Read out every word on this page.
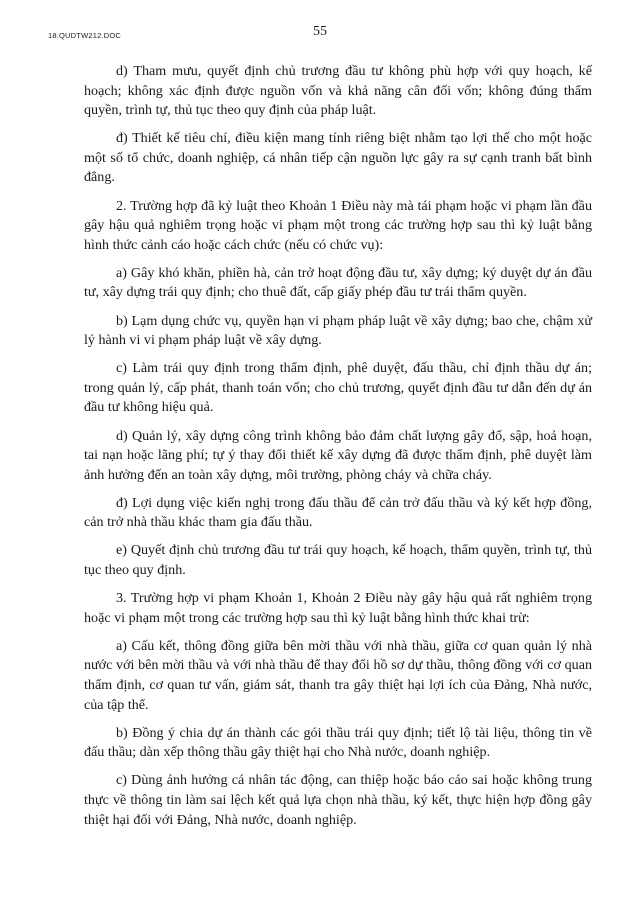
18.QUDTW212.DOC	55

d) Tham mưu, quyết định chủ trương đầu tư không phù hợp với quy hoạch, kế hoạch; không xác định được nguồn vốn và khả năng cân đối vốn; không đúng thẩm quyền, trình tự, thủ tục theo quy định của pháp luật.

đ) Thiết kế tiêu chí, điều kiện mang tính riêng biệt nhằm tạo lợi thế cho một hoặc một số tổ chức, doanh nghiệp, cá nhân tiếp cận nguồn lực gây ra sự cạnh tranh bất bình đẳng.

2. Trường hợp đã kỷ luật theo Khoản 1 Điều này mà tái phạm hoặc vi phạm lần đầu gây hậu quả nghiêm trọng hoặc vi phạm một trong các trường hợp sau thì kỷ luật bằng hình thức cảnh cáo hoặc cách chức (nếu có chức vụ):

a) Gây khó khăn, phiền hà, cản trở hoạt động đầu tư, xây dựng; ký duyệt dự án đầu tư, xây dựng trái quy định; cho thuê đất, cấp giấy phép đầu tư trái thẩm quyền.

b) Lạm dụng chức vụ, quyền hạn vi phạm pháp luật về xây dựng; bao che, chậm xử lý hành vi vi phạm pháp luật về xây dựng.

c) Làm trái quy định trong thẩm định, phê duyệt, đấu thầu, chỉ định thầu dự án; trong quản lý, cấp phát, thanh toán vốn; cho chủ trương, quyết định đầu tư dẫn đến dự án đầu tư không hiệu quả.

d) Quản lý, xây dựng công trình không bảo đảm chất lượng gây đổ, sập, hoả hoạn, tai nạn hoặc lãng phí; tự ý thay đổi thiết kế xây dựng đã được thẩm định, phê duyệt làm ảnh hưởng đến an toàn xây dựng, môi trường, phòng cháy và chữa cháy.

đ) Lợi dụng việc kiến nghị trong đấu thầu để cản trở đấu thầu và ký kết hợp đồng, cản trở nhà thầu khác tham gia đấu thầu.

e) Quyết định chủ trương đầu tư trái quy hoạch, kế hoạch, thẩm quyền, trình tự, thủ tục theo quy định.

3. Trường hợp vi phạm Khoản 1, Khoản 2 Điều này gây hậu quả rất nghiêm trọng hoặc vi phạm một trong các trường hợp sau thì kỷ luật bằng hình thức khai trừ:

a) Cấu kết, thông đồng giữa bên mời thầu với nhà thầu, giữa cơ quan quản lý nhà nước với bên mời thầu và với nhà thầu để thay đổi hồ sơ dự thầu, thông đồng với cơ quan thẩm định, cơ quan tư vấn, giám sát, thanh tra gây thiệt hại lợi ích của Đảng, Nhà nước, của tập thể.

b) Đồng ý chia dự án thành các gói thầu trái quy định; tiết lộ tài liệu, thông tin về đấu thầu; dàn xếp thông thầu gây thiệt hại cho Nhà nước, doanh nghiệp.

c) Dùng ảnh hưởng cá nhân tác động, can thiệp hoặc báo cáo sai hoặc không trung thực về thông tin làm sai lệch kết quả lựa chọn nhà thầu, ký kết, thực hiện hợp đồng gây thiệt hại đối với Đảng, Nhà nước, doanh nghiệp.
